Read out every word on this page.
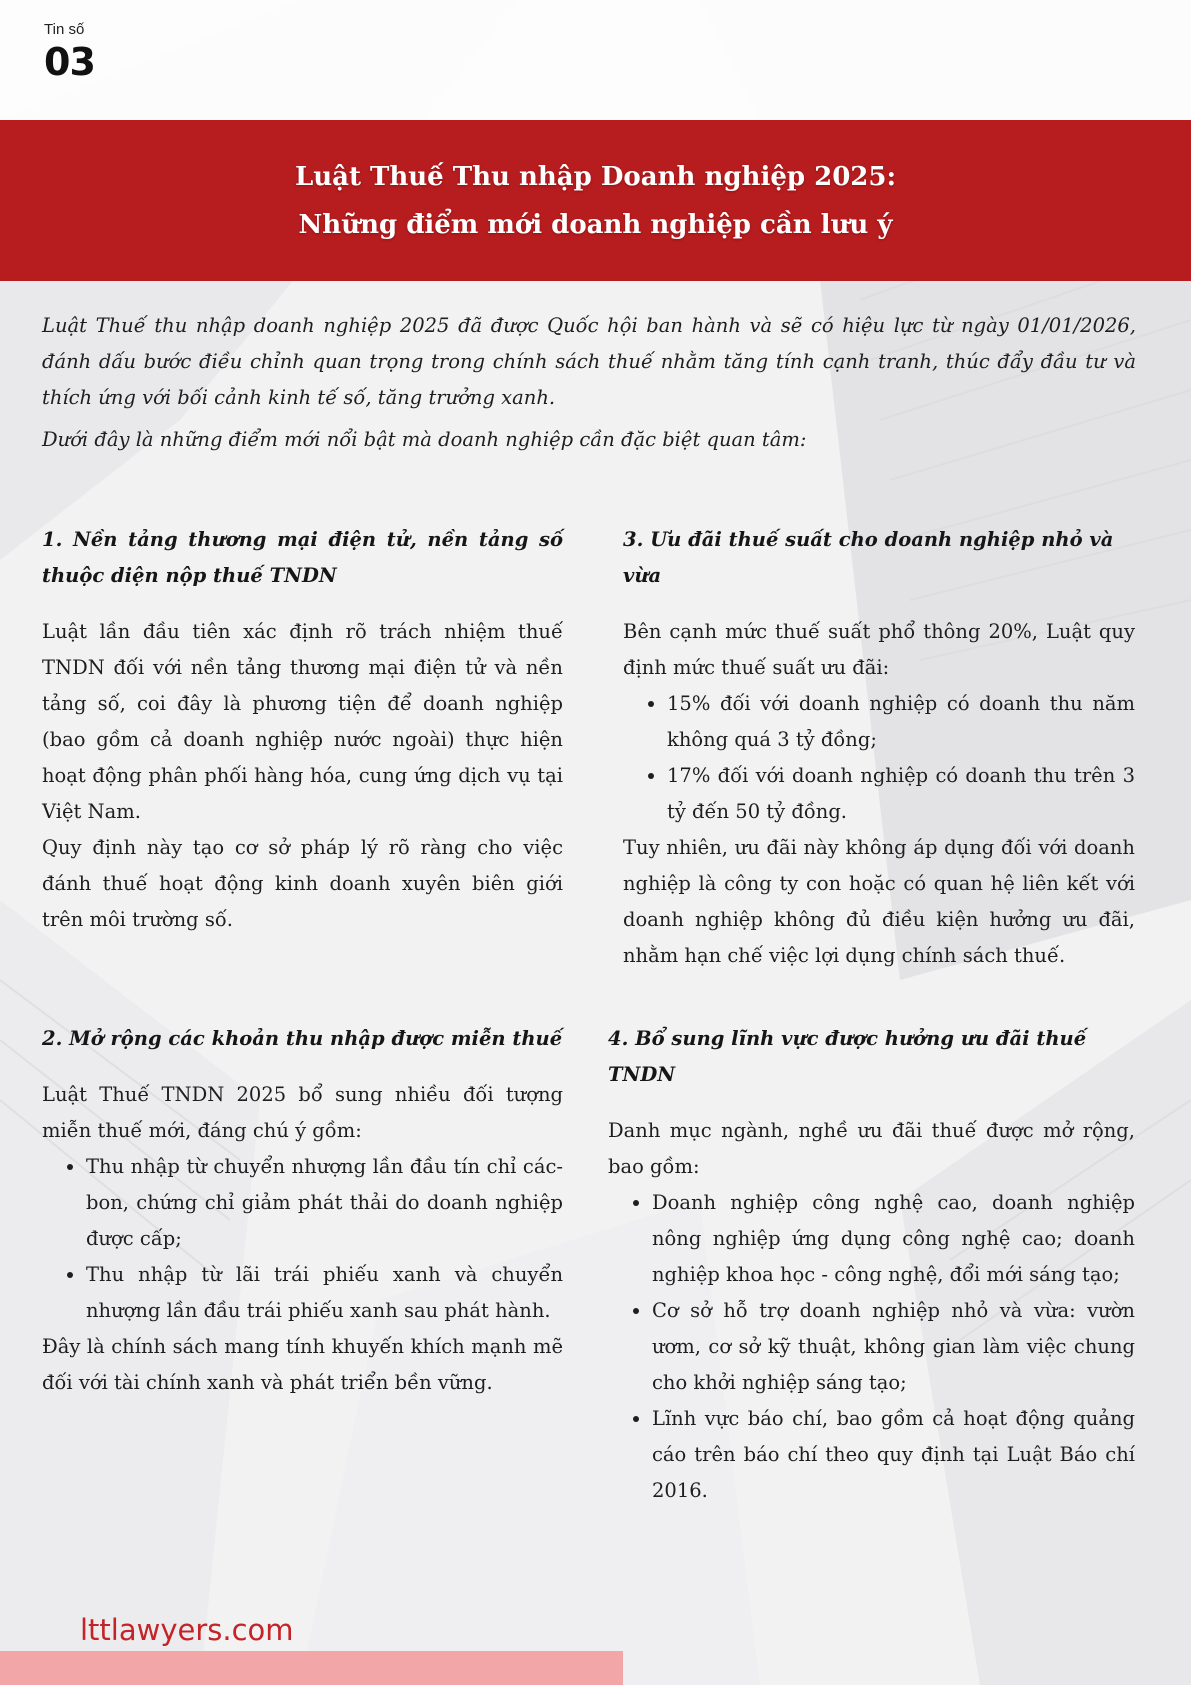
Tin số
03
Luật Thuế Thu nhập Doanh nghiệp 2025:
Những điểm mới doanh nghiệp cần lưu ý

Luật Thuế thu nhập doanh nghiệp 2025 đã được Quốc hội ban hành và sẽ có hiệu lực từ ngày 01/01/2026, đánh dấu bước điều chỉnh quan trọng trong chính sách thuế nhằm tăng tính cạnh tranh, thúc đẩy đầu tư và thích ứng với bối cảnh kinh tế số, tăng trưởng xanh.

Dưới đây là những điểm mới nổi bật mà doanh nghiệp cần đặc biệt quan tâm:

1. Nền tảng thương mại điện tử, nền tảng số thuộc diện nộp thuế TNDN

Luật lần đầu tiên xác định rõ trách nhiệm thuế TNDN đối với nền tảng thương mại điện tử và nền tảng số, coi đây là phương tiện để doanh nghiệp (bao gồm cả doanh nghiệp nước ngoài) thực hiện hoạt động phân phối hàng hóa, cung ứng dịch vụ tại Việt Nam.

Quy định này tạo cơ sở pháp lý rõ ràng cho việc đánh thuế hoạt động kinh doanh xuyên biên giới trên môi trường số.

2. Mở rộng các khoản thu nhập được miễn thuế

Luật Thuế TNDN 2025 bổ sung nhiều đối tượng miễn thuế mới, đáng chú ý gồm:

• Thu nhập từ chuyển nhượng lần đầu tín chỉ các-bon, chứng chỉ giảm phát thải do doanh nghiệp được cấp;
• Thu nhập từ lãi trái phiếu xanh và chuyển nhượng lần đầu trái phiếu xanh sau phát hành.

Đây là chính sách mang tính khuyến khích mạnh mẽ đối với tài chính xanh và phát triển bền vững.

3. Ưu đãi thuế suất cho doanh nghiệp nhỏ và vừa

Bên cạnh mức thuế suất phổ thông 20%, Luật quy định mức thuế suất ưu đãi:

• 15% đối với doanh nghiệp có doanh thu năm không quá 3 tỷ đồng;
• 17% đối với doanh nghiệp có doanh thu trên 3 tỷ đến 50 tỷ đồng.

Tuy nhiên, ưu đãi này không áp dụng đối với doanh nghiệp là công ty con hoặc có quan hệ liên kết với doanh nghiệp không đủ điều kiện hưởng ưu đãi, nhằm hạn chế việc lợi dụng chính sách thuế.

4. Bổ sung lĩnh vực được hưởng ưu đãi thuế TNDN

Danh mục ngành, nghề ưu đãi thuế được mở rộng, bao gồm:

• Doanh nghiệp công nghệ cao, doanh nghiệp nông nghiệp ứng dụng công nghệ cao; doanh nghiệp khoa học - công nghệ, đổi mới sáng tạo;
• Cơ sở hỗ trợ doanh nghiệp nhỏ và vừa: vườn ươm, cơ sở kỹ thuật, không gian làm việc chung cho khởi nghiệp sáng tạo;
• Lĩnh vực báo chí, bao gồm cả hoạt động quảng cáo trên báo chí theo quy định tại Luật Báo chí 2016.
lttlawyers.com
